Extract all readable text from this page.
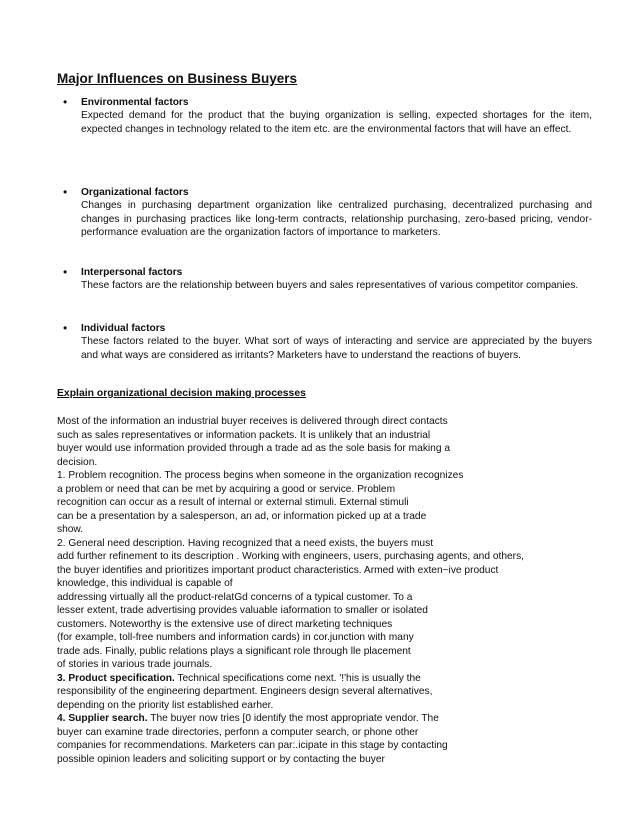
Major Influences on Business Buyers
• Environmental factors
Expected demand for the product that the buying organization is selling, expected shortages for the item, expected changes in technology related to the item etc. are the environmental factors that will have an effect.
• Organizational factors
Changes in purchasing department organization like centralized purchasing, decentralized purchasing and changes in purchasing practices like long-term contracts, relationship purchasing, zero-based pricing, vendor-performance evaluation are the organization factors of importance to marketers.
• Interpersonal factors
These factors are the relationship between buyers and sales representatives of various competitor companies.
• Individual factors
These factors related to the buyer. What sort of ways of interacting and service are appreciated by the buyers and what ways are considered as irritants? Marketers have to understand the reactions of buyers.
Explain organizational decision making processes
Most of the information an industrial buyer receives is delivered through direct contacts
such as sales representatives or information packets. It is unlikely that an industrial
buyer would use information provided through a trade ad as the sole basis for making a
decision.
1. Problem recognition. The process begins when someone in the organization recognizes
a problem or need that can be met by acquiring a good or service. Problem
recognition can occur as a result of internal or external stimuli. External stimuli
can be a presentation by a salesperson, an ad, or information picked up at a trade
show.
2. General need description. Having recognized that a need exists, the buyers must
add further refinement to its description . Working with engineers, users, purchasing agents, and others,
the buyer identifies and prioritizes important product characteristics. Armed with exten~ive product
knowledge, this individual is capable of
addressing virtually all the product-relatGd concerns of a typical customer. To a
lesser extent, trade advertising provides valuable iaformation to smaller or isolated
customers. Noteworthy is the extensive use of direct marketing techniques
(for example, toll-free numbers and information cards) in cor.junction with many
trade ads. Finally, public relations plays a significant role through lle placement
of stories in various trade journals.
3. Product specification. Technical specifications come next. '!'his is usually the
responsibility of the engineering department. Engineers design several alternatives,
depending on the priority list established earher.
4. Supplier search. The buyer now tries [0 identify the most appropriate vendor. The
buyer can examine trade directories, perfonn a computer search, or phone other
companies for recommendations. Marketers can par:.icipate in this stage by contacting
possible opinion leaders and soliciting support or by contacting the buyer
